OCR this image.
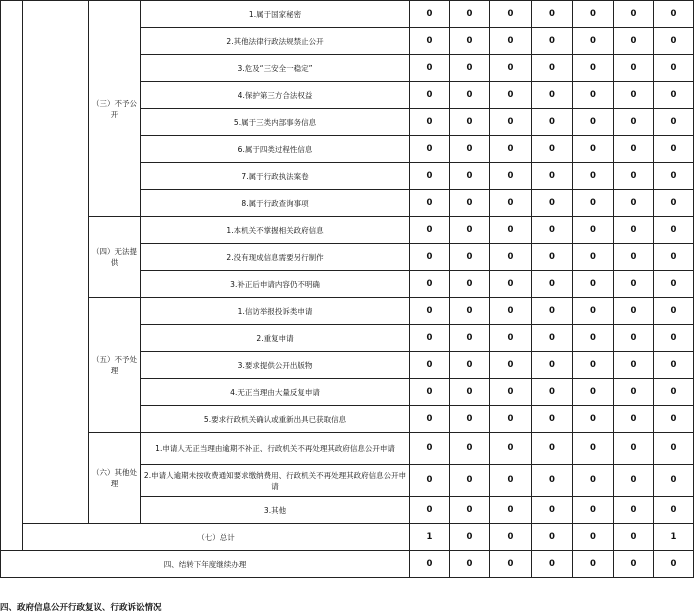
		（三）不予公开	1.属于国家秘密	0	0	0	0	0	0	0
			2.其他法律行政法规禁止公开	0	0	0	0	0	0	0
			3.危及“三安全一稳定”	0	0	0	0	0	0	0
			4.保护第三方合法权益	0	0	0	0	0	0	0
			5.属于三类内部事务信息	0	0	0	0	0	0	0
			6.属于四类过程性信息	0	0	0	0	0	0	0
			7.属于行政执法案卷	0	0	0	0	0	0	0
			8.属于行政查询事项	0	0	0	0	0	0	0
		（四）无法提供	1.本机关不掌握相关政府信息	0	0	0	0	0	0	0
			2.没有现成信息需要另行制作	0	0	0	0	0	0	0
			3.补正后申请内容仍不明确	0	0	0	0	0	0	0
		（五）不予处理	1.信访举报投诉类申请	0	0	0	0	0	0	0
			2.重复申请	0	0	0	0	0	0	0
			3.要求提供公开出版物	0	0	0	0	0	0	0
			4.无正当理由大量反复申请	0	0	0	0	0	0	0
			5.要求行政机关确认或重新出具已获取信息	0	0	0	0	0	0	0
		（六）其他处理	1.申请人无正当理由逾期不补正、行政机关不再处理其政府信息公开申请	0	0	0	0	0	0	0
			2.申请人逾期未按收费通知要求缴纳费用、行政机关不再处理其政府信息公开申请	0	0	0	0	0	0	0
			3.其他	0	0	0	0	0	0	0
	（七）总计			1	0	0	0	0	0	1
四、结转下年度继续办理				0	0	0	0	0	0	0
四、政府信息公开行政复议、行政诉讼情况
